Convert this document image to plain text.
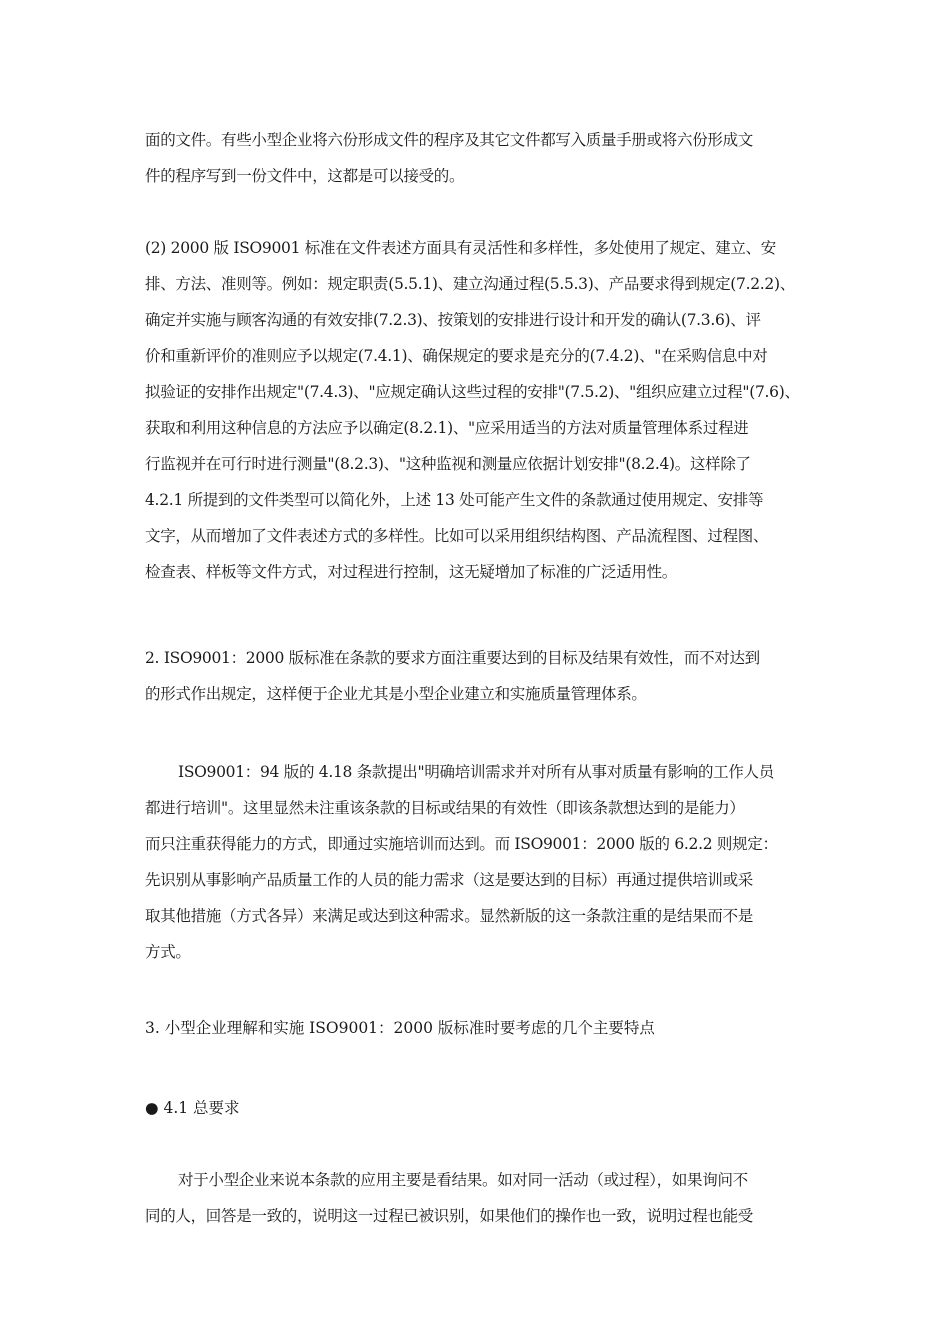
面的文件。有些小型企业将六份形成文件的程序及其它文件都写入质量手册或将六份形成文
件的程序写到一份文件中，这都是可以接受的。
(2) 2000 版 ISO9001 标准在文件表述方面具有灵活性和多样性，多处使用了规定、建立、安
排、方法、准则等。例如：规定职责(5.5.1)、建立沟通过程(5.5.3)、产品要求得到规定(7.2.2)、
确定并实施与顾客沟通的有效安排(7.2.3)、按策划的安排进行设计和开发的确认(7.3.6)、评
价和重新评价的准则应予以规定(7.4.1)、确保规定的要求是充分的(7.4.2)、"在采购信息中对
拟验证的安排作出规定"(7.4.3)、"应规定确认这些过程的安排"(7.5.2)、"组织应建立过程"(7.6)、
获取和利用这种信息的方法应予以确定(8.2.1)、"应采用适当的方法对质量管理体系过程进
行监视并在可行时进行测量"(8.2.3)、"这种监视和测量应依据计划安排"(8.2.4)。这样除了
4.2.1 所提到的文件类型可以简化外，上述 13 处可能产生文件的条款通过使用规定、安排等
文字，从而增加了文件表述方式的多样性。比如可以采用组织结构图、产品流程图、过程图、
检查表、样板等文件方式，对过程进行控制，这无疑增加了标准的广泛适用性。
2. ISO9001：2000 版标准在条款的要求方面注重要达到的目标及结果有效性，而不对达到
的形式作出规定，这样便于企业尤其是小型企业建立和实施质量管理体系。
ISO9001：94 版的 4.18 条款提出"明确培训需求并对所有从事对质量有影响的工作人员
都进行培训"。这里显然未注重该条款的目标或结果的有效性（即该条款想达到的是能力）
而只注重获得能力的方式，即通过实施培训而达到。而 ISO9001：2000 版的 6.2.2 则规定：
先识别从事影响产品质量工作的人员的能力需求（这是要达到的目标）再通过提供培训或采
取其他措施（方式各异）来满足或达到这种需求。显然新版的这一条款注重的是结果而不是
方式。
3. 小型企业理解和实施 ISO9001：2000 版标准时要考虑的几个主要特点
● 4.1 总要求
对于小型企业来说本条款的应用主要是看结果。如对同一活动（或过程），如果询问不
同的人，回答是一致的，说明这一过程已被识别，如果他们的操作也一致，说明过程也能受
